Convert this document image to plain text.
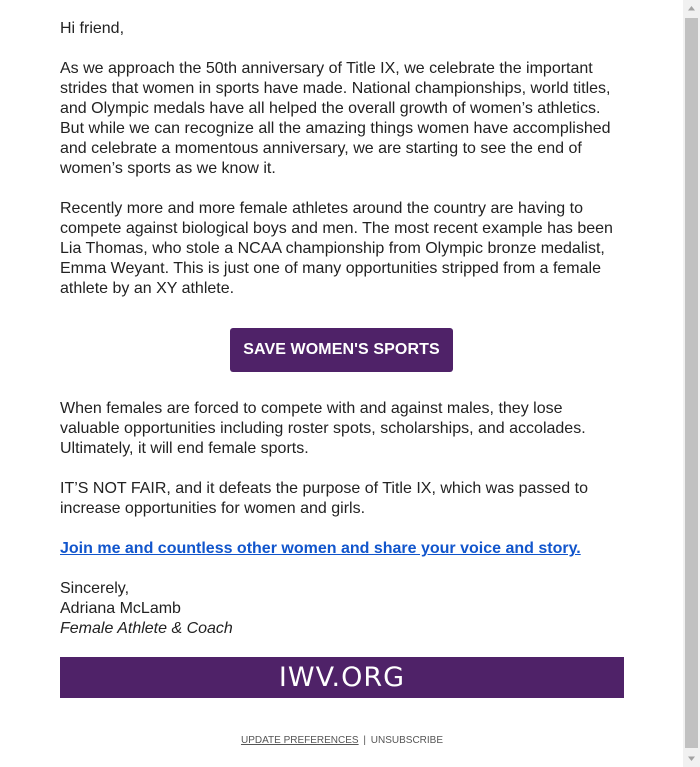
Hi friend,

As we approach the 50th anniversary of Title IX, we celebrate the important strides that women in sports have made. National championships, world titles, and Olympic medals have all helped the overall growth of women’s athletics. But while we can recognize all the amazing things women have accomplished and celebrate a momentous anniversary, we are starting to see the end of women’s sports as we know it.

Recently more and more female athletes around the country are having to compete against biological boys and men. The most recent example has been Lia Thomas, who stole a NCAA championship from Olympic bronze medalist, Emma Weyant. This is just one of many opportunities stripped from a female athlete by an XY athlete.

SAVE WOMEN'S SPORTS

When females are forced to compete with and against males, they lose valuable opportunities including roster spots, scholarships, and accolades. Ultimately, it will end female sports.

IT’S NOT FAIR, and it defeats the purpose of Title IX, which was passed to increase opportunities for women and girls.

Join me and countless other women and share your voice and story.
Sincerely,
Adriana McLamb
Female Athlete & Coach
IWV.ORG
UPDATE PREFERENCES | UNSUBSCRIBE
